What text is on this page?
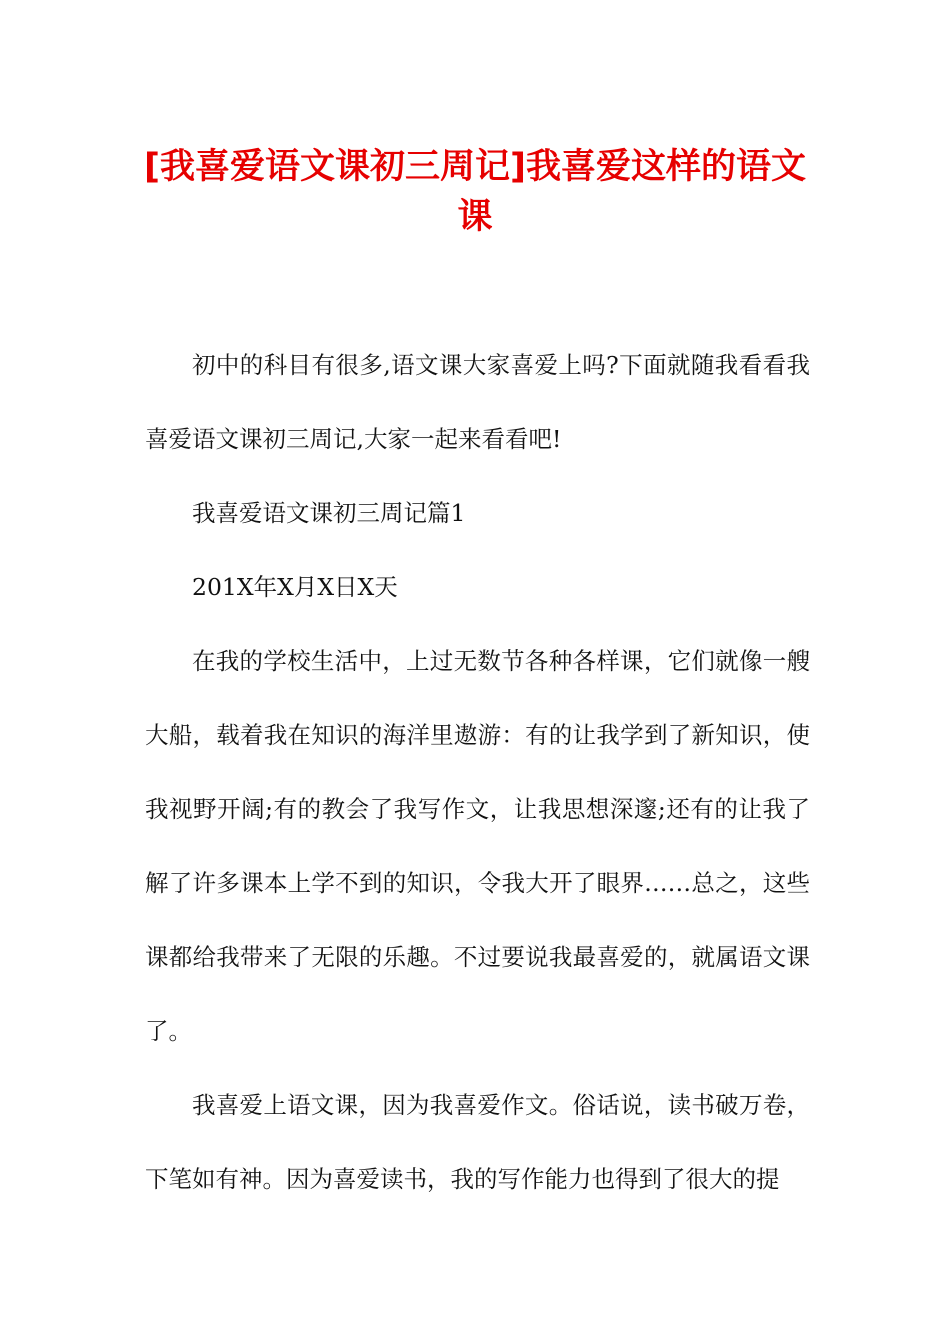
[我喜爱语文课初三周记]我喜爱这样的语文课

初中的科目有很多,语文课大家喜爱上吗?下面就随我看看我喜爱语文课初三周记,大家一起来看看吧!

我喜爱语文课初三周记篇1

201X年X月X日X天

在我的学校生活中，上过无数节各种各样课，它们就像一艘大船，载着我在知识的海洋里遨游：有的让我学到了新知识，使我视野开阔;有的教会了我写作文，让我思想深邃;还有的让我了解了许多课本上学不到的知识，令我大开了眼界……总之，这些课都给我带来了无限的乐趣。不过要说我最喜爱的，就属语文课了。

我喜爱上语文课，因为我喜爱作文。俗话说，读书破万卷，下笔如有神。因为喜爱读书，我的写作能力也得到了很大的提
